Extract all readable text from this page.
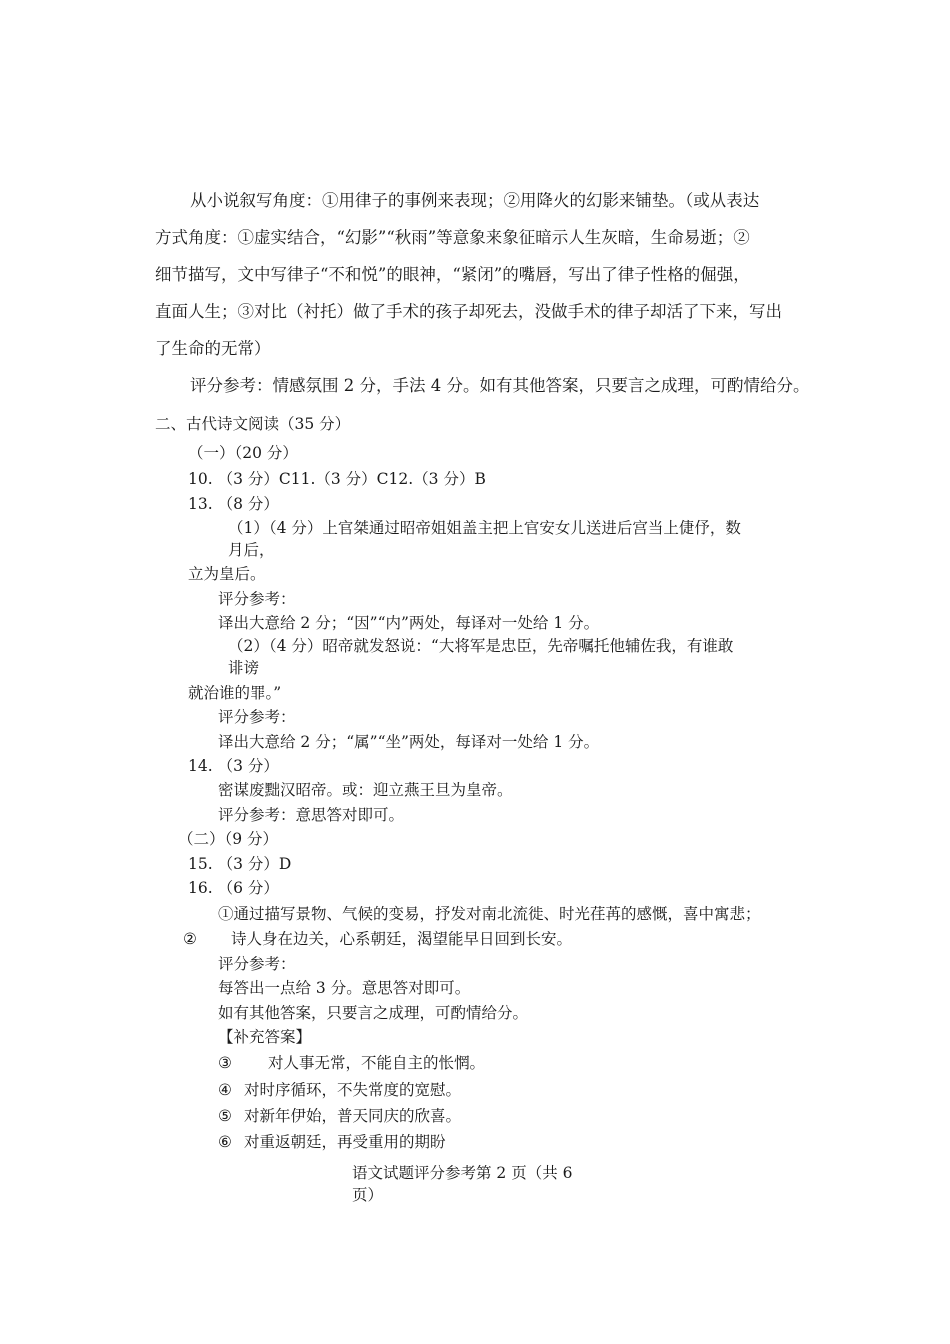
从小说叙写角度：①用律子的事例来表现；②用降火的幻影来铺垫。（或从表达
方式角度：①虚实结合，“幻影”“秋雨”等意象来象征暗示人生灰暗，生命易逝；②
细节描写，文中写律子“不和悦”的眼神，“紧闭”的嘴唇，写出了律子性格的倔强，
直面人生；③对比（衬托）做了手术的孩子却死去，没做手术的律子却活了下来，写出
了生命的无常）
评分参考：情感氛围 2 分，手法 4 分。如有其他答案，只要言之成理，可酌情给分。
二、古代诗文阅读（35 分）
（一）（20 分）
10. （3 分）C11.（3 分）C12.（3 分）B
13. （8 分）
（1）（4 分）上官桀通过昭帝姐姐盖主把上官安女儿送进后宫当上倢伃，数
月后，
立为皇后。
评分参考：
译出大意给 2 分；“因”“内”两处，每译对一处给 1 分。
（2）（4 分）昭帝就发怒说：“大将军是忠臣，先帝嘱托他辅佐我，有谁敢
诽谤
就治谁的罪。”
评分参考：
译出大意给 2 分；“属”“坐”两处，每译对一处给 1 分。
14. （3 分）
密谋废黜汉昭帝。或：迎立燕王旦为皇帝。
评分参考：意思答对即可。
（二）（9 分）
15. （3 分）D
16. （6 分）
①通过描写景物、气候的变易，抒发对南北流徙、时光荏苒的感慨，喜中寓悲；
② 诗人身在边关，心系朝廷，渴望能早日回到长安。
评分参考：
每答出一点给 3 分。意思答对即可。
如有其他答案，只要言之成理，可酌情给分。
【补充答案】
③ 对人事无常，不能自主的怅惘。
④ 对时序循环，不失常度的宽慰。
⑤ 对新年伊始，普天同庆的欣喜。
⑥ 对重返朝廷，再受重用的期盼
语文试题评分参考第 2 页（共 6
页）
